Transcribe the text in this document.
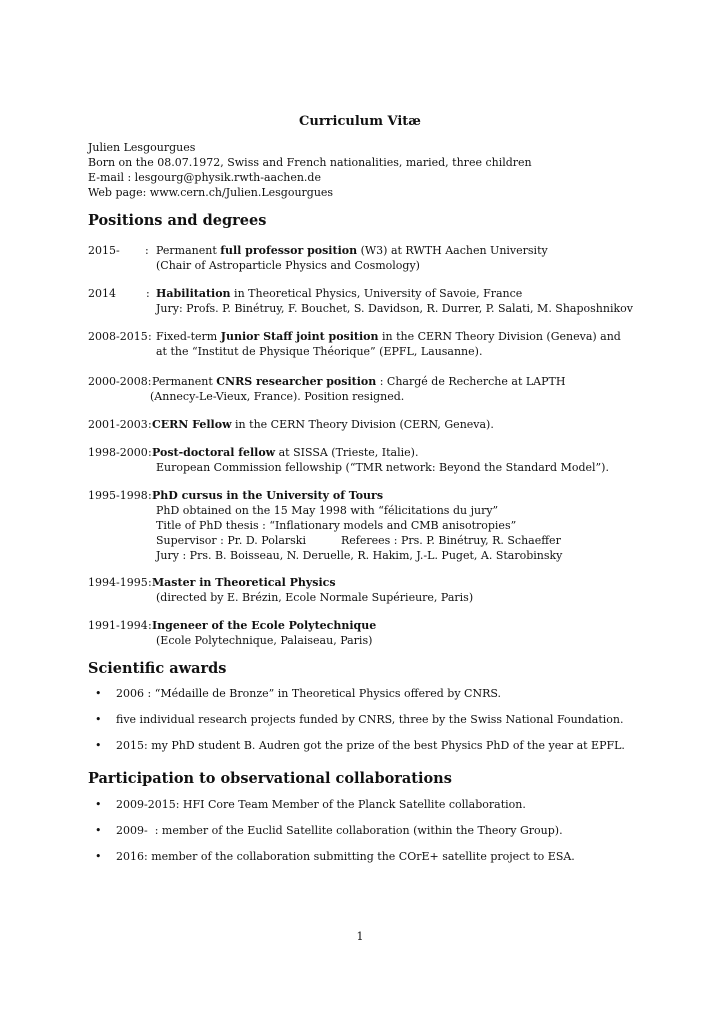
Curriculum Vitæ
Julien Lesgourgues
Born on the 08.07.1972, Swiss and French nationalities, maried, three children
E-mail : lesgourg@physik.rwth-aachen.de
Web page: www.cern.ch/Julien.Lesgourgues
Positions and degrees
Scientific awards
Participation to observational collaborations
2015- : Permanent full professor position (W3) at RWTH Aachen University
(Chair of Astroparticle Physics and Cosmology)
2014	: Habilitation in Theoretical Physics, University of Savoie, France
Jury: Profs. P. Binétruy, F. Bouchet, S. Davidson, R. Durrer, P. Salati, M. Shaposhnikov
2008-2015 : Fixed-term Junior Staff joint position in the CERN Theory Division (Geneva) and
at the “Institut de Physique Théorique” (EPFL, Lausanne).
2000-2008: Permanent CNRS researcher position : Chargé de Recherche at LAPTH
(Annecy-Le-Vieux, France). Position resigned.
2001-2003 : CERN Fellow in the CERN Theory Division (CERN, Geneva).
1998-2000 : Post-doctoral fellow at SISSA (Trieste, Italie).
European Commission fellowship (“TMR network: Beyond the Standard Model”).
1995-1998 : PhD cursus in the University of Tours
PhD obtained on the 15 May 1998 with “félicitations du jury”
Title of PhD thesis : “Inflationary models and CMB anisotropies”
Supervisor : Pr. D. Polarski          Referees : Prs. P. Binétruy, R. Schaeffer
Jury : Prs. B. Boisseau, N. Deruelle, R. Hakim, J.-L. Puget, A. Starobinsky
1994-1995 : Master in Theoretical Physics
(directed by E. Brézin, Ecole Normale Supérieure, Paris)
1991-1994 : Ingeneer of the Ecole Polytechnique
(Ecole Polytechnique, Palaiseau, Paris)
• 2006 : “Médaille de Bronze” in Theoretical Physics offered by CNRS.
• five individual research projects funded by CNRS, three by the Swiss National Foundation.
• 2015: my PhD student B. Audren got the prize of the best Physics PhD of the year at EPFL.
• 2009-2015: HFI Core Team Member of the Planck Satellite collaboration.
• 2009-  : member of the Euclid Satellite collaboration (within the Theory Group).
• 2016: member of the collaboration submitting the COrE+ satellite project to ESA.
1
